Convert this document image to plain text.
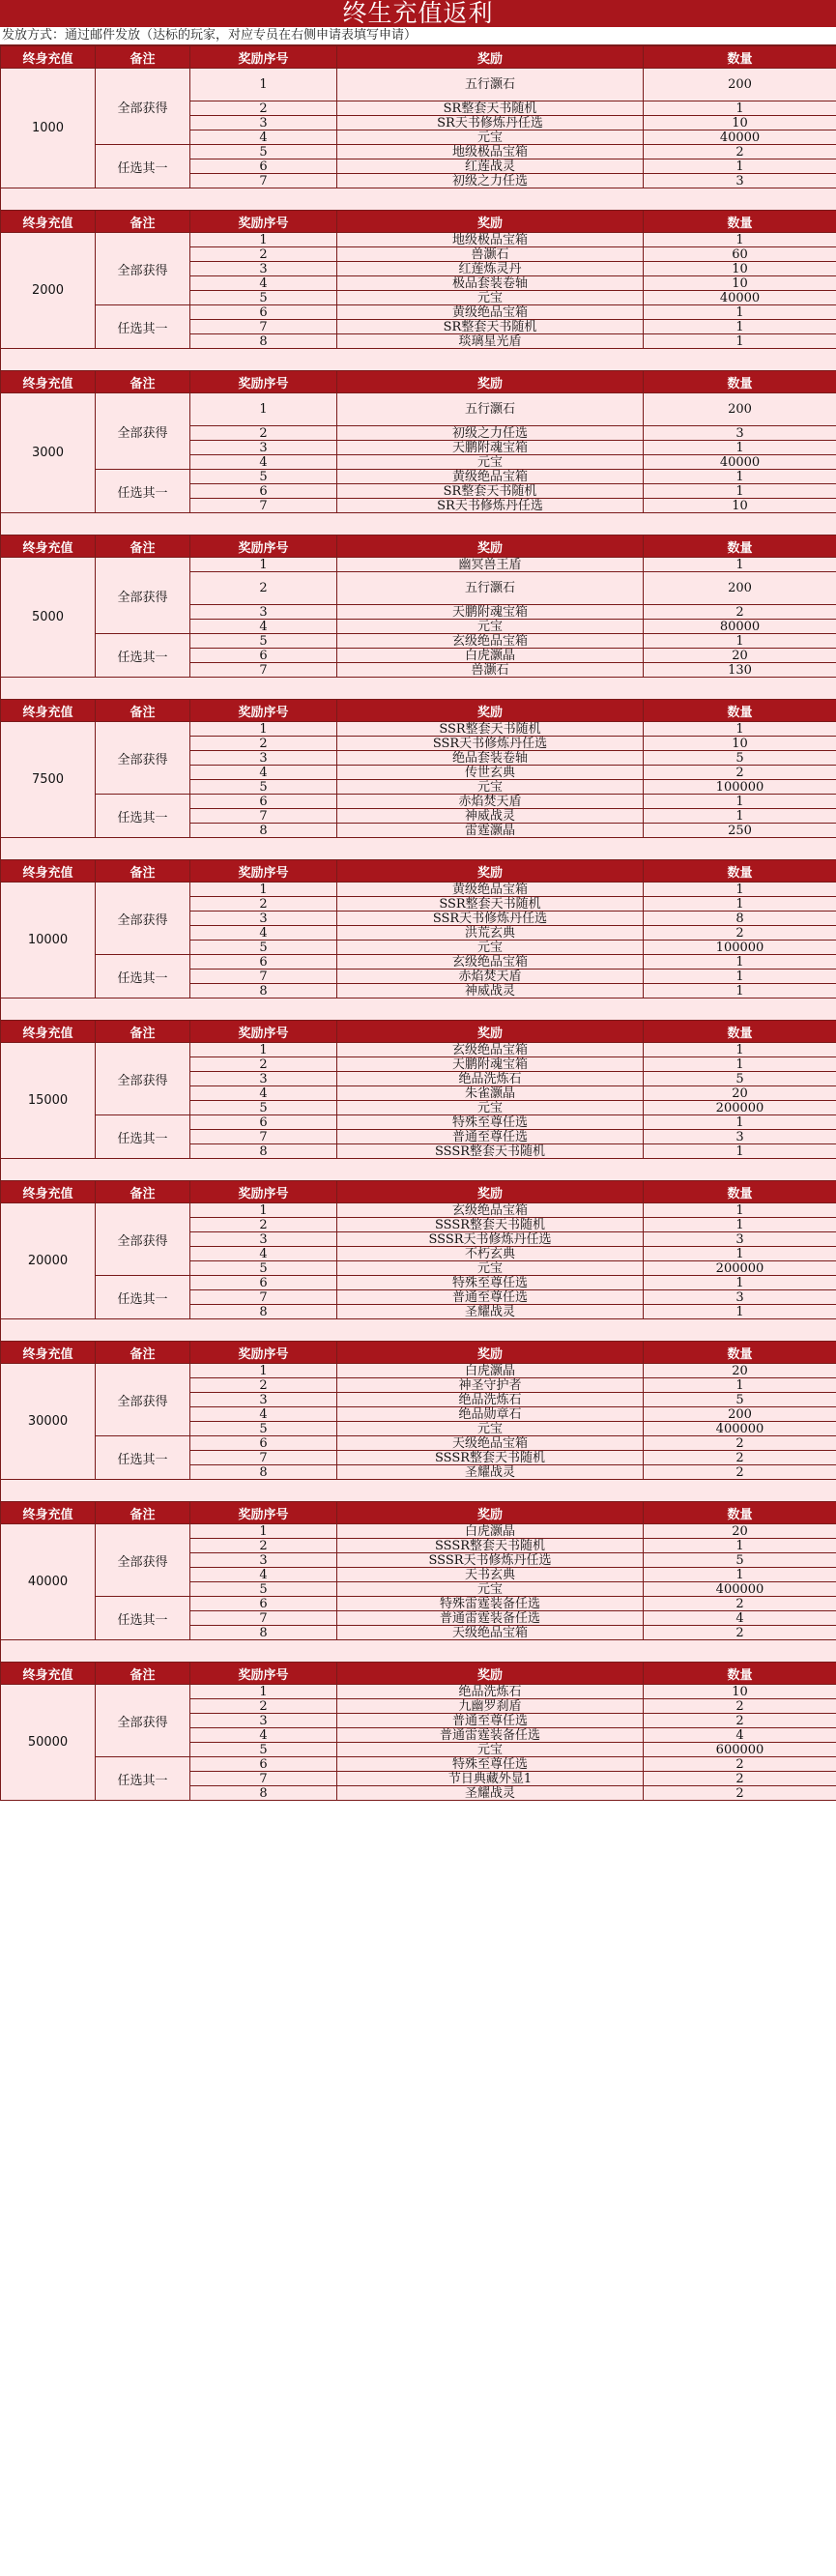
终生充值返利
发放方式：通过邮件发放（达标的玩家，对应专员在右侧申请表填写申请）
终身充值	备注	奖励序号	奖励	数量
1000	全部获得	1	五行灏石	200
		2	SR整套天书随机	1
		3	SR天书修炼丹任选	10
		4	元宝	40000
	任选其一	5	地级极品宝箱	2
		6	红莲战灵	1
		7	初级之力任选	3

终身充值	备注	奖励序号	奖励	数量
2000	全部获得	1	地级极品宝箱	1
		2	兽灏石	60
		3	红莲炼灵丹	10
		4	极品套装卷轴	10
		5	元宝	40000
	任选其一	6	黄级绝品宝箱	1
		7	SR整套天书随机	1
		8	琰璃星光盾	1

终身充值	备注	奖励序号	奖励	数量
3000	全部获得	1	五行灏石	200
		2	初级之力任选	3
		3	天鹏附魂宝箱	1
		4	元宝	40000
	任选其一	5	黄级绝品宝箱	1
		6	SR整套天书随机	1
		7	SR天书修炼丹任选	10

终身充值	备注	奖励序号	奖励	数量
5000	全部获得	1	幽冥兽王盾	1
		2	五行灏石	200
		3	天鹏附魂宝箱	2
		4	元宝	80000
	任选其一	5	玄级绝品宝箱	1
		6	白虎灏晶	20
		7	兽灏石	130

终身充值	备注	奖励序号	奖励	数量
7500	全部获得	1	SSR整套天书随机	1
		2	SSR天书修炼丹任选	10
		3	绝品套装卷轴	5
		4	传世玄典	2
		5	元宝	100000
	任选其一	6	赤焰焚天盾	1
		7	神威战灵	1
		8	雷霆灏晶	250

终身充值	备注	奖励序号	奖励	数量
10000	全部获得	1	黄级绝品宝箱	1
		2	SSR整套天书随机	1
		3	SSR天书修炼丹任选	8
		4	洪荒玄典	2
		5	元宝	100000
	任选其一	6	玄级绝品宝箱	1
		7	赤焰焚天盾	1
		8	神威战灵	1

终身充值	备注	奖励序号	奖励	数量
15000	全部获得	1	玄级绝品宝箱	1
		2	天鹏附魂宝箱	1
		3	绝品洗炼石	5
		4	朱雀灏晶	20
		5	元宝	200000
	任选其一	6	特殊至尊任选	1
		7	普通至尊任选	3
		8	SSSR整套天书随机	1

终身充值	备注	奖励序号	奖励	数量
20000	全部获得	1	玄级绝品宝箱	1
		2	SSSR整套天书随机	1
		3	SSSR天书修炼丹任选	3
		4	不朽玄典	1
		5	元宝	200000
	任选其一	6	特殊至尊任选	1
		7	普通至尊任选	3
		8	圣耀战灵	1

终身充值	备注	奖励序号	奖励	数量
30000	全部获得	1	白虎灏晶	20
		2	神圣守护者	1
		3	绝品洗炼石	5
		4	绝品勋章石	200
		5	元宝	400000
	任选其一	6	天级绝品宝箱	2
		7	SSSR整套天书随机	2
		8	圣耀战灵	2

终身充值	备注	奖励序号	奖励	数量
40000	全部获得	1	白虎灏晶	20
		2	SSSR整套天书随机	1
		3	SSSR天书修炼丹任选	5
		4	天书玄典	1
		5	元宝	400000
	任选其一	6	特殊雷霆装备任选	2
		7	普通雷霆装备任选	4
		8	天级绝品宝箱	2

终身充值	备注	奖励序号	奖励	数量
50000	全部获得	1	绝品洗炼石	10
		2	九幽罗刹盾	2
		3	普通至尊任选	2
		4	普通雷霆装备任选	4
		5	元宝	600000
	任选其一	6	特殊至尊任选	2
		7	节日典藏外显1	2
		8	圣耀战灵	2
